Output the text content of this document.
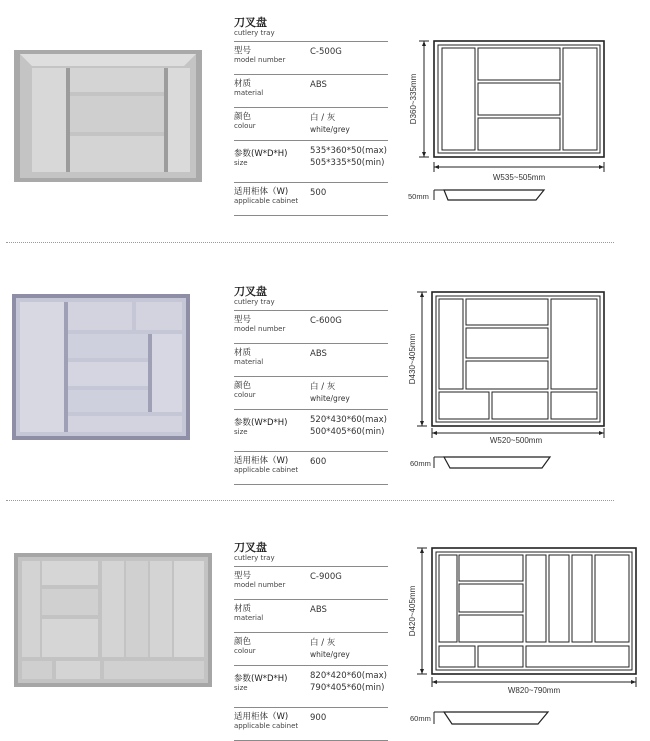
刀叉盘
cutlery tray
型号
model number
C-500G
材质
material
ABS
颜色
colour
白 / 灰
white/grey
参数(W*D*H)
size
535*360*50(max)
505*335*50(min)
适用柜体（W)
applicable cabinet
500
W535~505mm
D360~335mm
50mm
刀叉盘
cutlery tray
型号
model number
C-600G
材质
material
ABS
颜色
colour
白 / 灰
white/grey
参数(W*D*H)
size
520*430*60(max)
500*405*60(min)
适用柜体（W)
applicable cabinet
600
W520~500mm
D430~405mm
60mm
刀叉盘
cutlery tray
型号
model number
C-900G
材质
material
ABS
颜色
colour
白 / 灰
white/grey
参数(W*D*H)
size
820*420*60(max)
790*405*60(min)
适用柜体（W)
applicable cabinet
900
W820~790mm
D420~405mm
60mm
